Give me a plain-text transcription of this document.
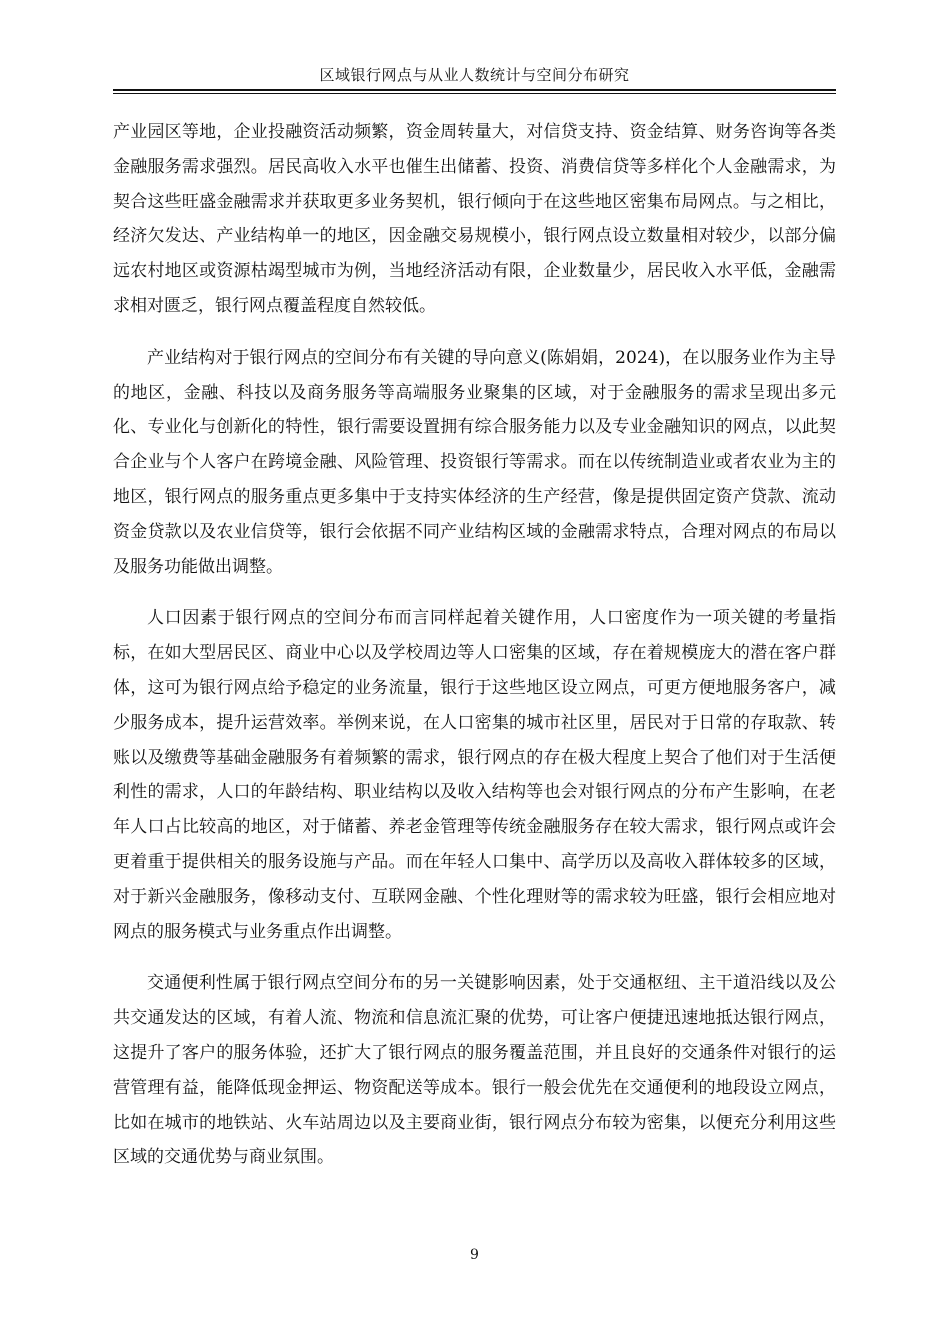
区域银行网点与从业人数统计与空间分布研究

产业园区等地，企业投融资活动频繁，资金周转量大，对信贷支持、资金结算、财务咨询等各类金融服务需求强烈。居民高收入水平也催生出储蓄、投资、消费信贷等多样化个人金融需求，为契合这些旺盛金融需求并获取更多业务契机，银行倾向于在这些地区密集布局网点。与之相比，经济欠发达、产业结构单一的地区，因金融交易规模小，银行网点设立数量相对较少，以部分偏远农村地区或资源枯竭型城市为例，当地经济活动有限，企业数量少，居民收入水平低，金融需求相对匮乏，银行网点覆盖程度自然较低。

产业结构对于银行网点的空间分布有关键的导向意义(陈娟娟，2024)，在以服务业作为主导的地区，金融、科技以及商务服务等高端服务业聚集的区域，对于金融服务的需求呈现出多元化、专业化与创新化的特性，银行需要设置拥有综合服务能力以及专业金融知识的网点，以此契合企业与个人客户在跨境金融、风险管理、投资银行等需求。而在以传统制造业或者农业为主的地区，银行网点的服务重点更多集中于支持实体经济的生产经营，像是提供固定资产贷款、流动资金贷款以及农业信贷等，银行会依据不同产业结构区域的金融需求特点，合理对网点的布局以及服务功能做出调整。

人口因素于银行网点的空间分布而言同样起着关键作用，人口密度作为一项关键的考量指标，在如大型居民区、商业中心以及学校周边等人口密集的区域，存在着规模庞大的潜在客户群体，这可为银行网点给予稳定的业务流量，银行于这些地区设立网点，可更方便地服务客户，减少服务成本，提升运营效率。举例来说，在人口密集的城市社区里，居民对于日常的存取款、转账以及缴费等基础金融服务有着频繁的需求，银行网点的存在极大程度上契合了他们对于生活便利性的需求，人口的年龄结构、职业结构以及收入结构等也会对银行网点的分布产生影响，在老年人口占比较高的地区，对于储蓄、养老金管理等传统金融服务存在较大需求，银行网点或许会更着重于提供相关的服务设施与产品。而在年轻人口集中、高学历以及高收入群体较多的区域，对于新兴金融服务，像移动支付、互联网金融、个性化理财等的需求较为旺盛，银行会相应地对网点的服务模式与业务重点作出调整。

交通便利性属于银行网点空间分布的另一关键影响因素，处于交通枢纽、主干道沿线以及公共交通发达的区域，有着人流、物流和信息流汇聚的优势，可让客户便捷迅速地抵达银行网点，这提升了客户的服务体验，还扩大了银行网点的服务覆盖范围，并且良好的交通条件对银行的运营管理有益，能降低现金押运、物资配送等成本。银行一般会优先在交通便利的地段设立网点，比如在城市的地铁站、火车站周边以及主要商业街，银行网点分布较为密集，以便充分利用这些区域的交通优势与商业氛围。

9
